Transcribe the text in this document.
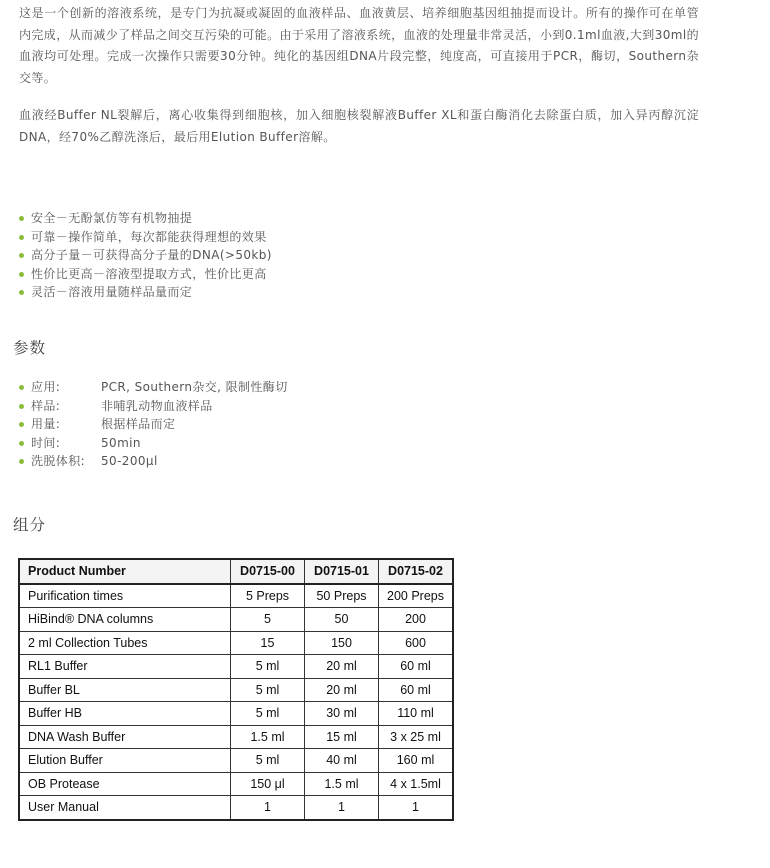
这是一个创新的溶液系统，是专门为抗凝或凝固的血液样品、血液黄层、培养细胞基因组抽提而设计。所有的操作可在单管内完成，从而减少了样品之间交互污染的可能。由于采用了溶液系统，血液的处理量非常灵活，小到0.1ml血液,大到30ml的血液均可处理。完成一次操作只需要30分钟。纯化的基因组DNA片段完整，纯度高，可直接用于PCR，酶切，Southern杂交等。

血液经Buffer NL裂解后，离心收集得到细胞核，加入细胞核裂解液Buffer XL和蛋白酶消化去除蛋白质，加入异丙醇沉淀DNA，经70%乙醇洗涤后，最后用Elution Buffer溶解。

安全－无酚氯仿等有机物抽提
可靠－操作简单，每次都能获得理想的效果
高分子量－可获得高分子量的DNA(>50kb)
性价比更高－溶液型提取方式，性价比更高
灵活－溶液用量随样品量而定
参数
应用:	PCR, Southern杂交, 限制性酶切
样品:	非哺乳动物血液样品
用量:	根据样品而定
时间:	50min
洗脱体积:	50-200μl
组分
Product Number	D0715-00	D0715-01	D0715-02
Purification times	5 Preps	50 Preps	200 Preps
HiBind® DNA columns	5	50	200
2 ml Collection Tubes	15	150	600
RL1 Buffer	5 ml	20 ml	60 ml
Buffer BL	5 ml	20 ml	60 ml
Buffer HB	5 ml	30 ml	110 ml
DNA Wash Buffer	1.5 ml	15 ml	3 x 25 ml
Elution Buffer	5 ml	40 ml	160 ml
OB Protease	150 μl	1.5 ml	4 x 1.5ml
User Manual	1	1	1
